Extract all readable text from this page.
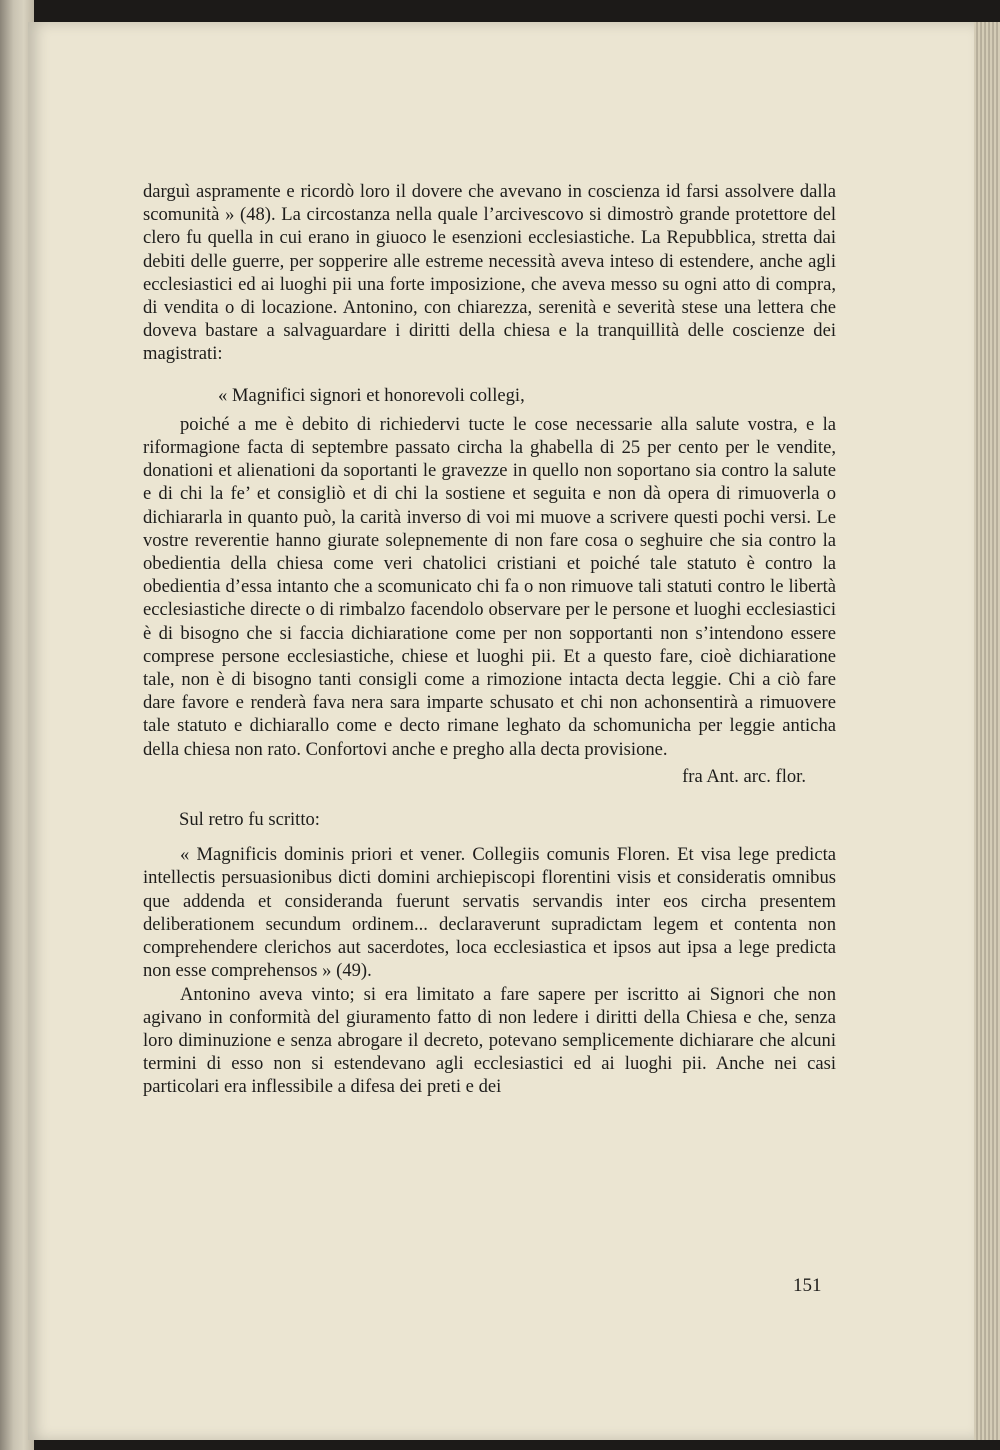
darguì aspramente e ricordò loro il dovere che avevano in coscienza id farsi assolvere dalla scomunità » (48). La circostanza nella quale l’arcivescovo si dimostrò grande protettore del clero fu quella in cui erano in giuoco le esenzioni ecclesiastiche. La Repubblica, stretta dai debiti delle guerre, per sopperire alle estreme necessità aveva inteso di estendere, anche agli ecclesiastici ed ai luoghi pii una forte imposizione, che aveva messo su ogni atto di compra, di vendita o di locazione. Antonino, con chiarezza, serenità e severità stese una lettera che doveva bastare a salvaguardare i diritti della chiesa e la tranquillità delle coscienze dei magistrati:

« Magnifici signori et honorevoli collegi,

poiché a me è debito di richiedervi tucte le cose necessarie alla salute vostra, e la riformagione facta di septembre passato circha la ghabella di 25 per cento per le vendite, donationi et alienationi da soportanti le gravezze in quello non soportano sia contro la salute e di chi la fe’ et consigliò et di chi la sostiene et seguita e non dà opera di rimuoverla o dichiararla in quanto può, la carità inverso di voi mi muove a scrivere questi pochi versi. Le vostre reverentie hanno giurate solepnemente di non fare cosa o seghuire che sia contro la obedientia della chiesa come veri chatolici cristiani et poiché tale statuto è contro la obedientia d’essa intanto che a scomunicato chi fa o non rimuove tali statuti contro le libertà ecclesiastiche directe o di rimbalzo facendolo observare per le persone et luoghi ecclesiastici è di bisogno che si faccia dichiaratione come per non sopportanti non s’intendono essere comprese persone ecclesiastiche, chiese et luoghi pii. Et a questo fare, cioè dichiaratione tale, non è di bisogno tanti consigli come a rimozione intacta decta leggie. Chi a ciò fare dare favore e renderà fava nera sara imparte schusato et chi non achonsentirà a rimuovere tale statuto e dichiarallo come e decto rimane leghato da schomunicha per leggie anticha della chiesa non rato. Confortovi anche e pregho alla decta provisione.

fra Ant. arc. flor.

Sul retro fu scritto:

« Magnificis dominis priori et vener. Collegiis comunis Floren. Et visa lege predicta intellectis persuasionibus dicti domini archiepiscopi florentini visis et consideratis omnibus que addenda et considerandа fuerunt servatis servandis inter eos circha presentem deliberationem secundum ordinem... declaraverunt supradictam legem et contenta non comprehendere clerichos aut sacerdotes, loca ecclesiastica et ipsos aut ipsa a lege predicta non esse comprehensos » (49).

Antonino aveva vinto; si era limitato a fare sapere per iscritto ai Signori che non agivano in conformità del giuramento fatto di non ledere i diritti della Chiesa e che, senza loro diminuzione e senza abrogare il decreto, potevano semplicemente dichiarare che alcuni termini di esso non si estendevano agli ecclesiastici ed ai luoghi pii. Anche nei casi particolari era inflessibile a difesa dei preti e dei

151
